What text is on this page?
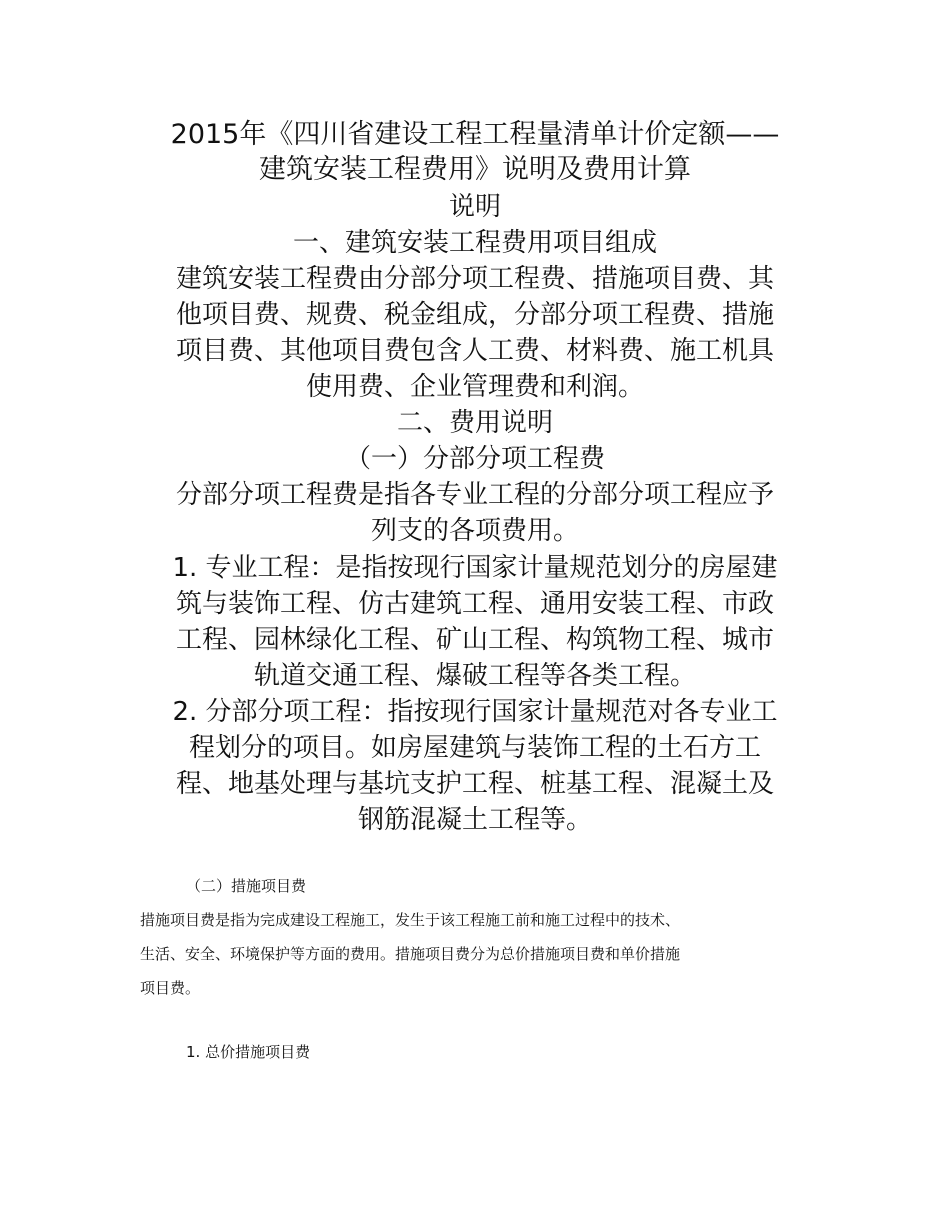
2015年《四川省建设工程工程量清单计价定额——
建筑安装工程费用》说明及费用计算
说明
一、建筑安装工程费用项目组成
建筑安装工程费由分部分项工程费、措施项目费、其
他项目费、规费、税金组成，分部分项工程费、措施
项目费、其他项目费包含人工费、材料费、施工机具
使用费、企业管理费和利润。
二、费用说明
（一）分部分项工程费
分部分项工程费是指各专业工程的分部分项工程应予
列支的各项费用。
1. 专业工程：是指按现行国家计量规范划分的房屋建
筑与装饰工程、仿古建筑工程、通用安装工程、市政
工程、园林绿化工程、矿山工程、构筑物工程、城市
轨道交通工程、爆破工程等各类工程。
2. 分部分项工程：指按现行国家计量规范对各专业工
程划分的项目。如房屋建筑与装饰工程的土石方工
程、地基处理与基坑支护工程、桩基工程、混凝土及
钢筋混凝土工程等。
（二）措施项目费
措施项目费是指为完成建设工程施工，发生于该工程施工前和施工过程中的技术、
生活、安全、环境保护等方面的费用。措施项目费分为总价措施项目费和单价措施
项目费。
1. 总价措施项目费
